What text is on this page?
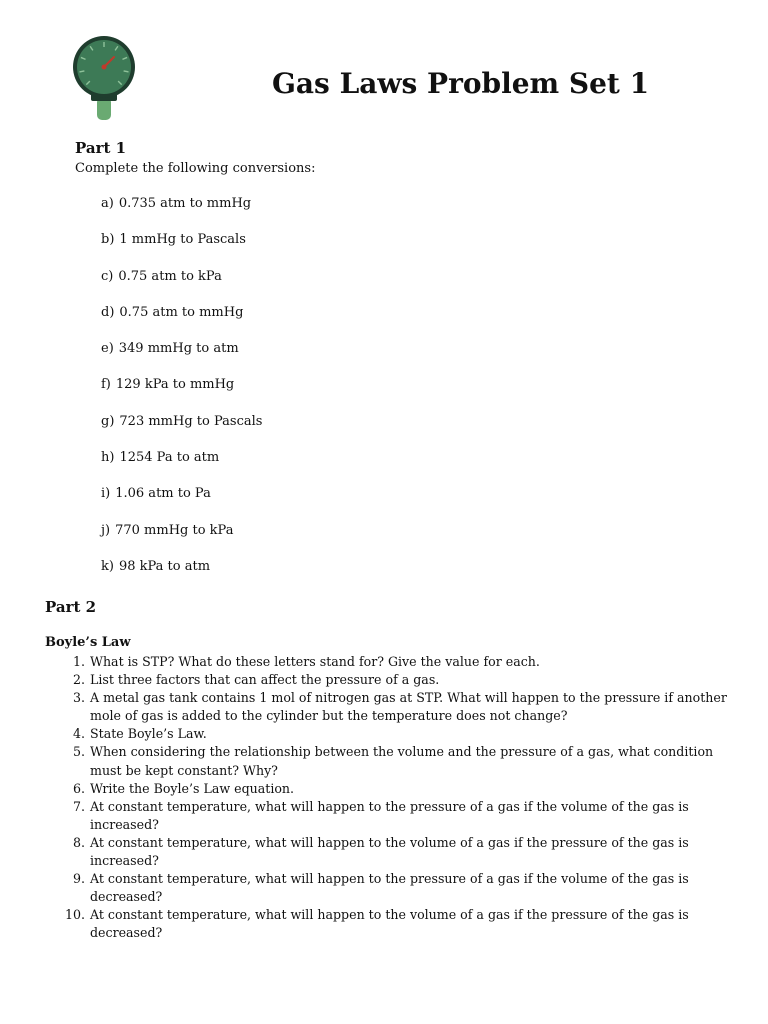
Gas Laws Problem Set 1
Part 1

Complete the following conversions:

a) 0.735 atm to mmHg
b) 1 mmHg to Pascals
c) 0.75 atm to kPa
d) 0.75 atm to mmHg
e) 349 mmHg to atm
f) 129 kPa to mmHg
g) 723 mmHg to Pascals
h) 1254 Pa to atm
i) 1.06 atm to Pa
j) 770 mmHg to kPa
k) 98 kPa to atm
Part 2
Boyle’s Law
1. What is STP? What do these letters stand for? Give the value for each.
2. List three factors that can affect the pressure of a gas.
3. A metal gas tank contains 1 mol of nitrogen gas at STP. What will happen to the pressure if another mole of gas is added to the cylinder but the temperature does not change?
4. State Boyle’s Law.
5. When considering the relationship between the volume and the pressure of a gas, what condition must be kept constant? Why?
6. Write the Boyle’s Law equation.
7. At constant temperature, what will happen to the pressure of a gas if the volume of the gas is increased?
8. At constant temperature, what will happen to the volume of a gas if the pressure of the gas is increased?
9. At constant temperature, what will happen to the pressure of a gas if the volume of the gas is decreased?
10. At constant temperature, what will happen to the volume of a gas if the pressure of the gas is decreased?
